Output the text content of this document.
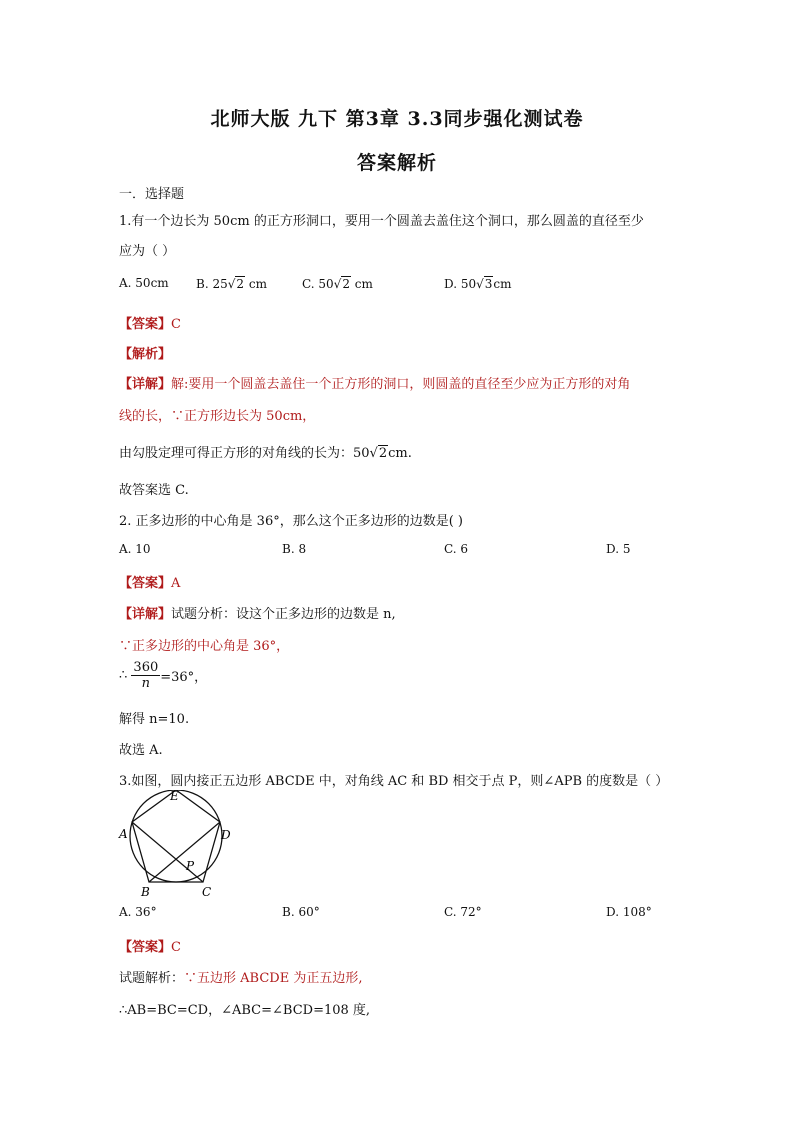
北师大版 九下 第3章 3.3同步强化测试卷
答案解析
一．选择题
1.有一个边长为 50cm 的正方形洞口，要用一个圆盖去盖住这个洞口，那么圆盖的直径至少
应为（ ）
A. 50cm B. 25√2 cm	C. 50√2 cm	D. 50√3cm
【答案】C
【解析】
【详解】解:要用一个圆盖去盖住一个正方形的洞口，则圆盖的直径至少应为正方形的对角
线的长，∵正方形边长为 50cm，
由勾股定理可得正方形的对角线的长为：50√2cm.
故答案选 C.
2. 正多边形的中心角是 36°，那么这个正多边形的边数是( )
A. 10	B. 8	C. 6	D. 5
【答案】A
【详解】试题分析：设这个正多边形的边数是 n,
∵正多边形的中心角是 36°，
∴ $\frac{360}{n} =36^\circ$，
解得 n=10.
故选 A.
3.如图，圆内接正五边形 ABCDE 中，对角线 AC 和 BD 相交于点 P，则∠APB 的度数是（ ）
E
D
C
B
A
P
A. 36°	B. 60°	C. 72°	D. 108°
【答案】C
试题解析：∵五边形 ABCDE 为正五边形,
∴AB=BC=CD，∠ABC=∠BCD=108 度,
